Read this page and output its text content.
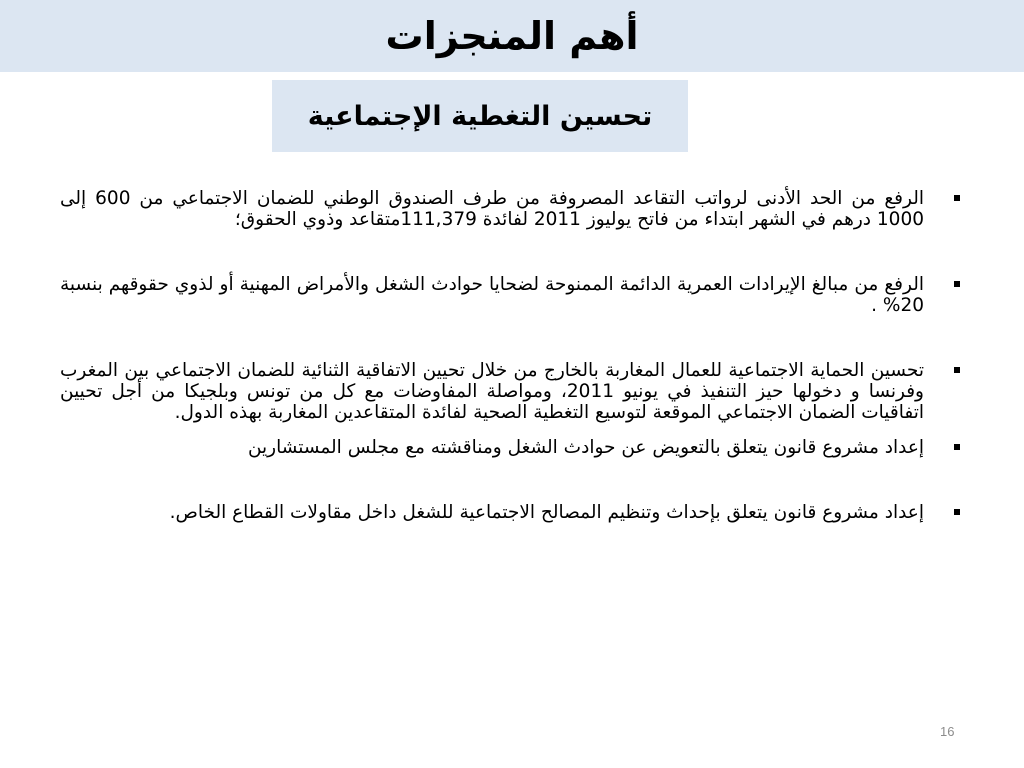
أهم المنجزات
تحسين التغطية الإجتماعية
الرفع من الحد الأدنى لرواتب التقاعد المصروفة من طرف الصندوق الوطني للضمان الاجتماعي من 600 إلى 1000 درهم في الشهر ابتداء من فاتح يوليوز 2011 لفائدة 111,379متقاعد وذوي الحقوق؛
الرفع من مبالغ الإيرادات العمرية الدائمة الممنوحة لضحايا حوادث الشغل والأمراض المهنية أو لذوي حقوقهم بنسبة 20% .
تحسين الحماية الاجتماعية للعمال المغاربة بالخارج من خلال تحيين الاتفاقية الثنائية للضمان الاجتماعي بين المغرب وفرنسا و دخولها حيز التنفيذ في يونيو 2011، ومواصلة المفاوضات مع كل من تونس وبلجيكا من أجل تحيين اتفاقيات الضمان الاجتماعي الموقعة لتوسيع التغطية الصحية لفائدة المتقاعدين المغاربة بهذه الدول.
إعداد مشروع قانون يتعلق بالتعويض عن حوادث الشغل ومناقشته مع مجلس المستشارين
إعداد مشروع قانون يتعلق بإحداث وتنظيم المصالح الاجتماعية للشغل داخل مقاولات القطاع الخاص.
16
